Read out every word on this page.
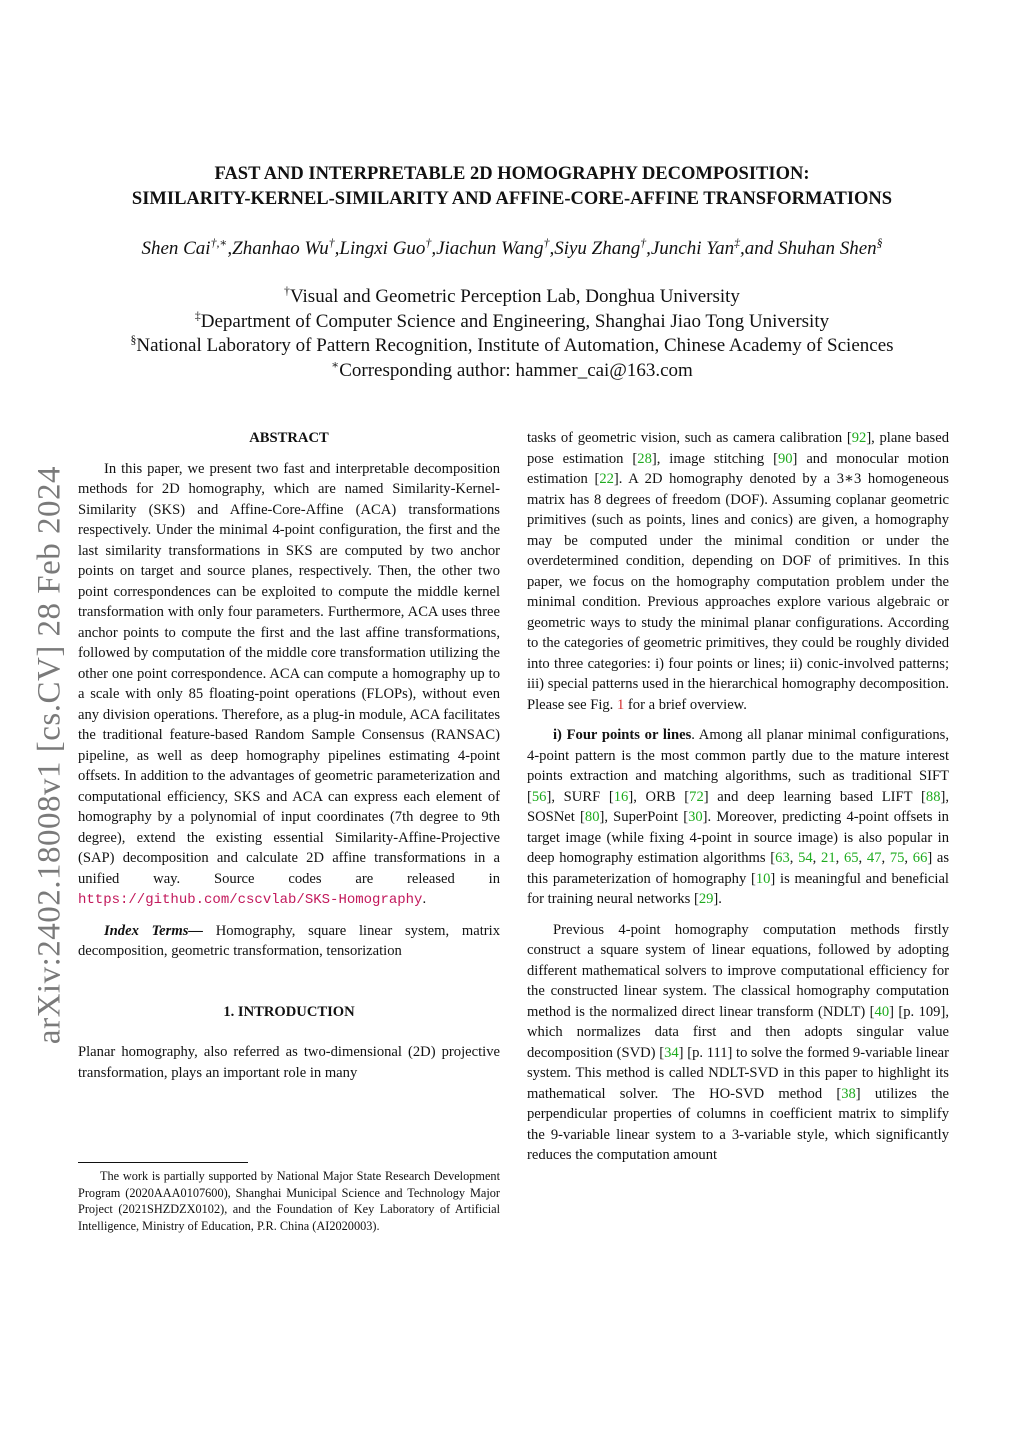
arXiv:2402.18008v1 [cs.CV] 28 Feb 2024
FAST AND INTERPRETABLE 2D HOMOGRAPHY DECOMPOSITION:
SIMILARITY-KERNEL-SIMILARITY AND AFFINE-CORE-AFFINE TRANSFORMATIONS
Shen Cai†,∗,Zhanhao Wu†,Lingxi Guo†,Jiachun Wang†,Siyu Zhang†,Junchi Yan‡,and Shuhan Shen§
†Visual and Geometric Perception Lab, Donghua University
‡Department of Computer Science and Engineering, Shanghai Jiao Tong University
§National Laboratory of Pattern Recognition, Institute of Automation, Chinese Academy of Sciences
∗Corresponding author: hammer_cai@163.com

ABSTRACT

In this paper, we present two fast and interpretable decomposition methods for 2D homography, which are named Similarity-Kernel-Similarity (SKS) and Affine-Core-Affine (ACA) transformations respectively. Under the minimal 4-point configuration, the first and the last similarity transformations in SKS are computed by two anchor points on target and source planes, respectively. Then, the other two point correspondences can be exploited to compute the middle kernel transformation with only four parameters. Furthermore, ACA uses three anchor points to compute the first and the last affine transformations, followed by computation of the middle core transformation utilizing the other one point correspondence. ACA can compute a homography up to a scale with only 85 floating-point operations (FLOPs), without even any division operations. Therefore, as a plug-in module, ACA facilitates the traditional feature-based Random Sample Consensus (RANSAC) pipeline, as well as deep homography pipelines estimating 4-point offsets. In addition to the advantages of geometric parameterization and computational efficiency, SKS and ACA can express each element of homography by a polynomial of input coordinates (7th degree to 9th degree), extend the existing essential Similarity-Affine-Projective (SAP) decomposition and calculate 2D affine transformations in a unified way. Source codes are released in https://github.com/cscvlab/SKS-Homography.

Index Terms— Homography, square linear system, matrix decomposition, geometric transformation, tensorization

1. INTRODUCTION

Planar homography, also referred as two-dimensional (2D) projective transformation, plays an important role in many

The work is partially supported by National Major State Research Development Program (2020AAA0107600), Shanghai Municipal Science and Technology Major Project (2021SHZDZX0102), and the Foundation of Key Laboratory of Artificial Intelligence, Ministry of Education, P.R. China (AI2020003).

tasks of geometric vision, such as camera calibration [92], plane based pose estimation [28], image stitching [90] and monocular motion estimation [22]. A 2D homography denoted by a 3∗3 homogeneous matrix has 8 degrees of freedom (DOF). Assuming coplanar geometric primitives (such as points, lines and conics) are given, a homography may be computed under the minimal condition or under the overdetermined condition, depending on DOF of primitives. In this paper, we focus on the homography computation problem under the minimal condition. Previous approaches explore various algebraic or geometric ways to study the minimal planar configurations. According to the categories of geometric primitives, they could be roughly divided into three categories: i) four points or lines; ii) conic-involved patterns; iii) special patterns used in the hierarchical homography decomposition. Please see Fig. 1 for a brief overview.

i) Four points or lines. Among all planar minimal configurations, 4-point pattern is the most common partly due to the mature interest points extraction and matching algorithms, such as traditional SIFT [56], SURF [16], ORB [72] and deep learning based LIFT [88], SOSNet [80], SuperPoint [30]. Moreover, predicting 4-point offsets in target image (while fixing 4-point in source image) is also popular in deep homography estimation algorithms [63, 54, 21, 65, 47, 75, 66] as this parameterization of homography [10] is meaningful and beneficial for training neural networks [29].

Previous 4-point homography computation methods firstly construct a square system of linear equations, followed by adopting different mathematical solvers to improve computational efficiency for the constructed linear system. The classical homography computation method is the normalized direct linear transform (NDLT) [40] [p. 109], which normalizes data first and then adopts singular value decomposition (SVD) [34] [p. 111] to solve the formed 9-variable linear system. This method is called NDLT-SVD in this paper to highlight its mathematical solver. The HO-SVD method [38] utilizes the perpendicular properties of columns in coefficient matrix to simplify the 9-variable linear system to a 3-variable style, which significantly reduces the computation amount
